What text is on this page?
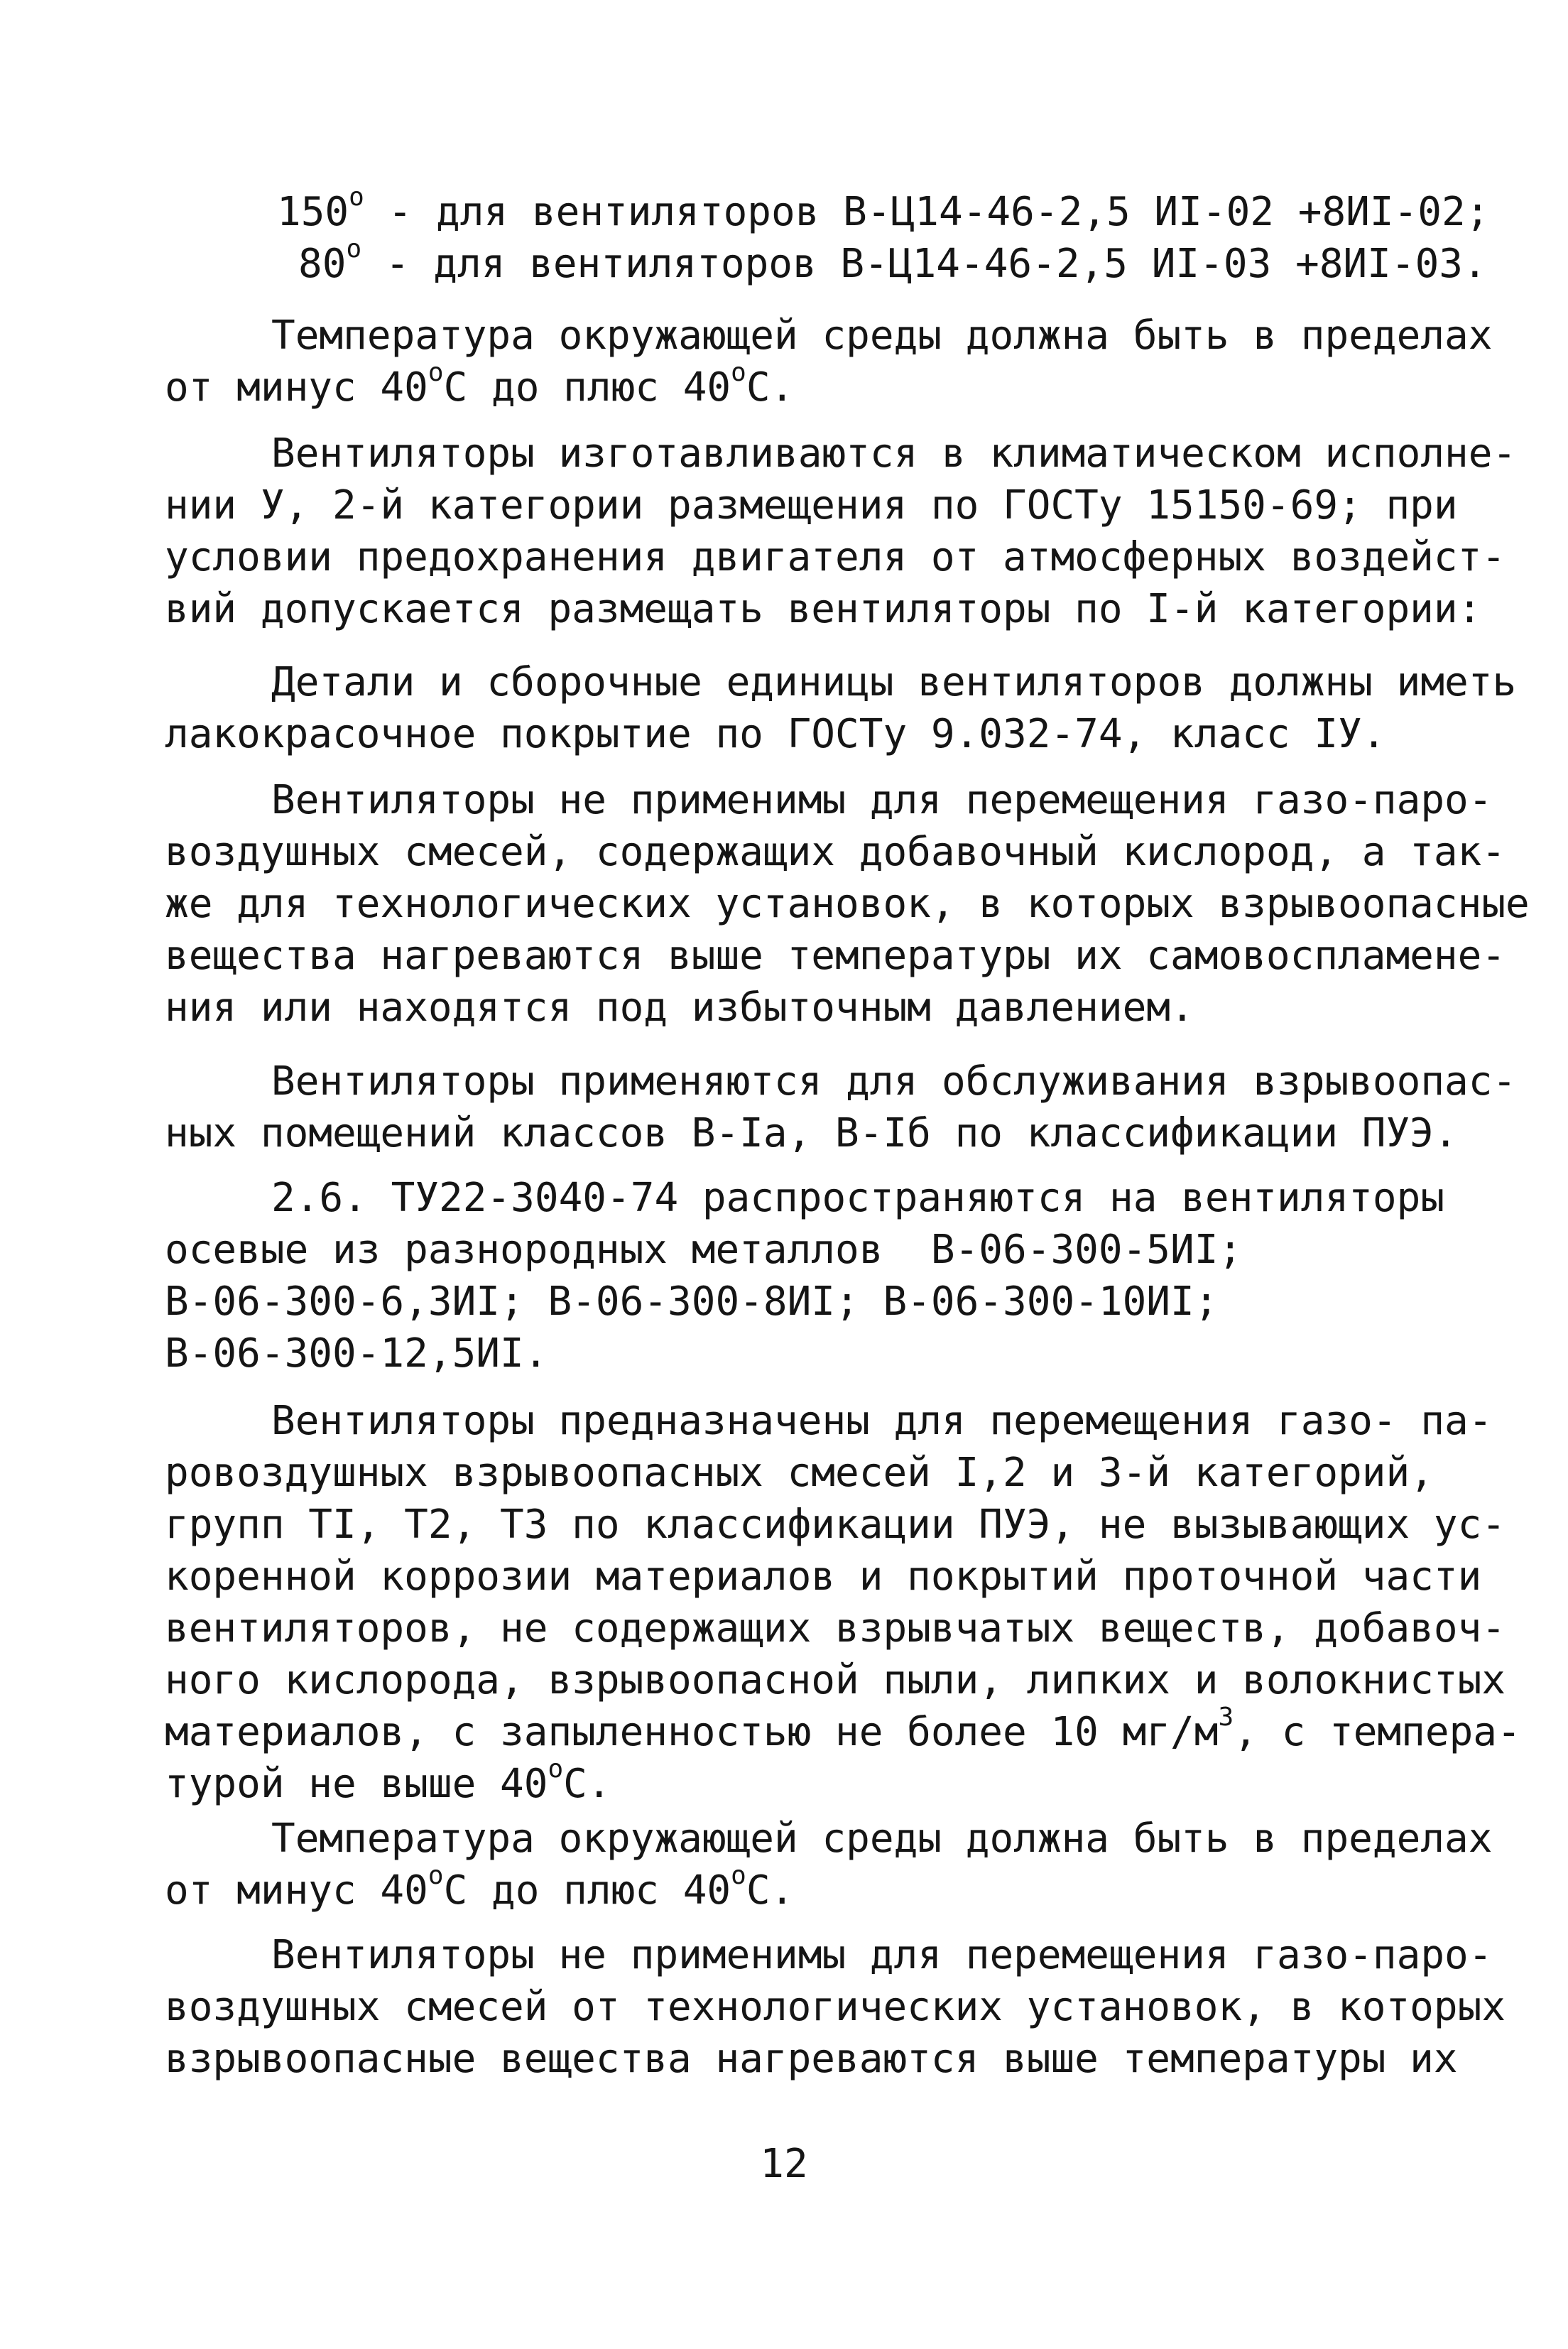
150$^o$ - для вентиляторов В-Ц14-46-2,5 ИI-02 +8ИI-02;
80$^o$ - для вентиляторов В-Ц14-46-2,5 ИI-03 +8ИI-03.
Температура окружающей среды должна быть в пределах
от минус 40$^o$С до плюс 40$^o$С.
Вентиляторы изготавливаются в климатическом исполне-
нии У, 2-й категории размещения по ГОСТу 15150-69; при
условии предохранения двигателя от атмосферных воздейст-
вий допускается размещать вентиляторы по I-й категории:
Детали и сборочные единицы вентиляторов должны иметь
лакокрасочное покрытие по ГОСТу 9.032-74, класс IУ.
Вентиляторы не применимы для перемещения газо-паро-
воздушных смесей, содержащих добавочный кислород, а так-
же для технологических установок, в которых взрывоопасные
вещества нагреваются выше температуры их самовоспламене-
ния или находятся под избыточным давлением.
Вентиляторы применяются для обслуживания взрывоопас-
ных помещений классов В-Iа, В-Iб по классификации ПУЭ.
2.6. ТУ22-3040-74 распространяются на вентиляторы
осевые из разнородных металлов  В-06-300-5ИI;
В-06-300-6,3ИI; В-06-300-8ИI; В-06-300-10ИI;
В-06-300-12,5ИI.
Вентиляторы предназначены для перемещения газо- па-
ровоздушных взрывоопасных смесей I,2 и 3-й категорий,
групп ТI, Т2, Т3 по классификации ПУЭ, не вызывающих ус-
коренной коррозии материалов и покрытий проточной части
вентиляторов, не содержащих взрывчатых веществ, добавоч-
ного кислорода, взрывоопасной пыли, липких и волокнистых
материалов, с запыленностью не более 10 $мг/м^3$, с темпера-
турой не выше 40$^o$С.
Температура окружающей среды должна быть в пределах
от минус 40$^o$С до плюс 40$^o$С.
Вентиляторы не применимы для перемещения газо-паро-
воздушных смесей от технологических установок, в которых
взрывоопасные вещества нагреваются выше температуры их

12
